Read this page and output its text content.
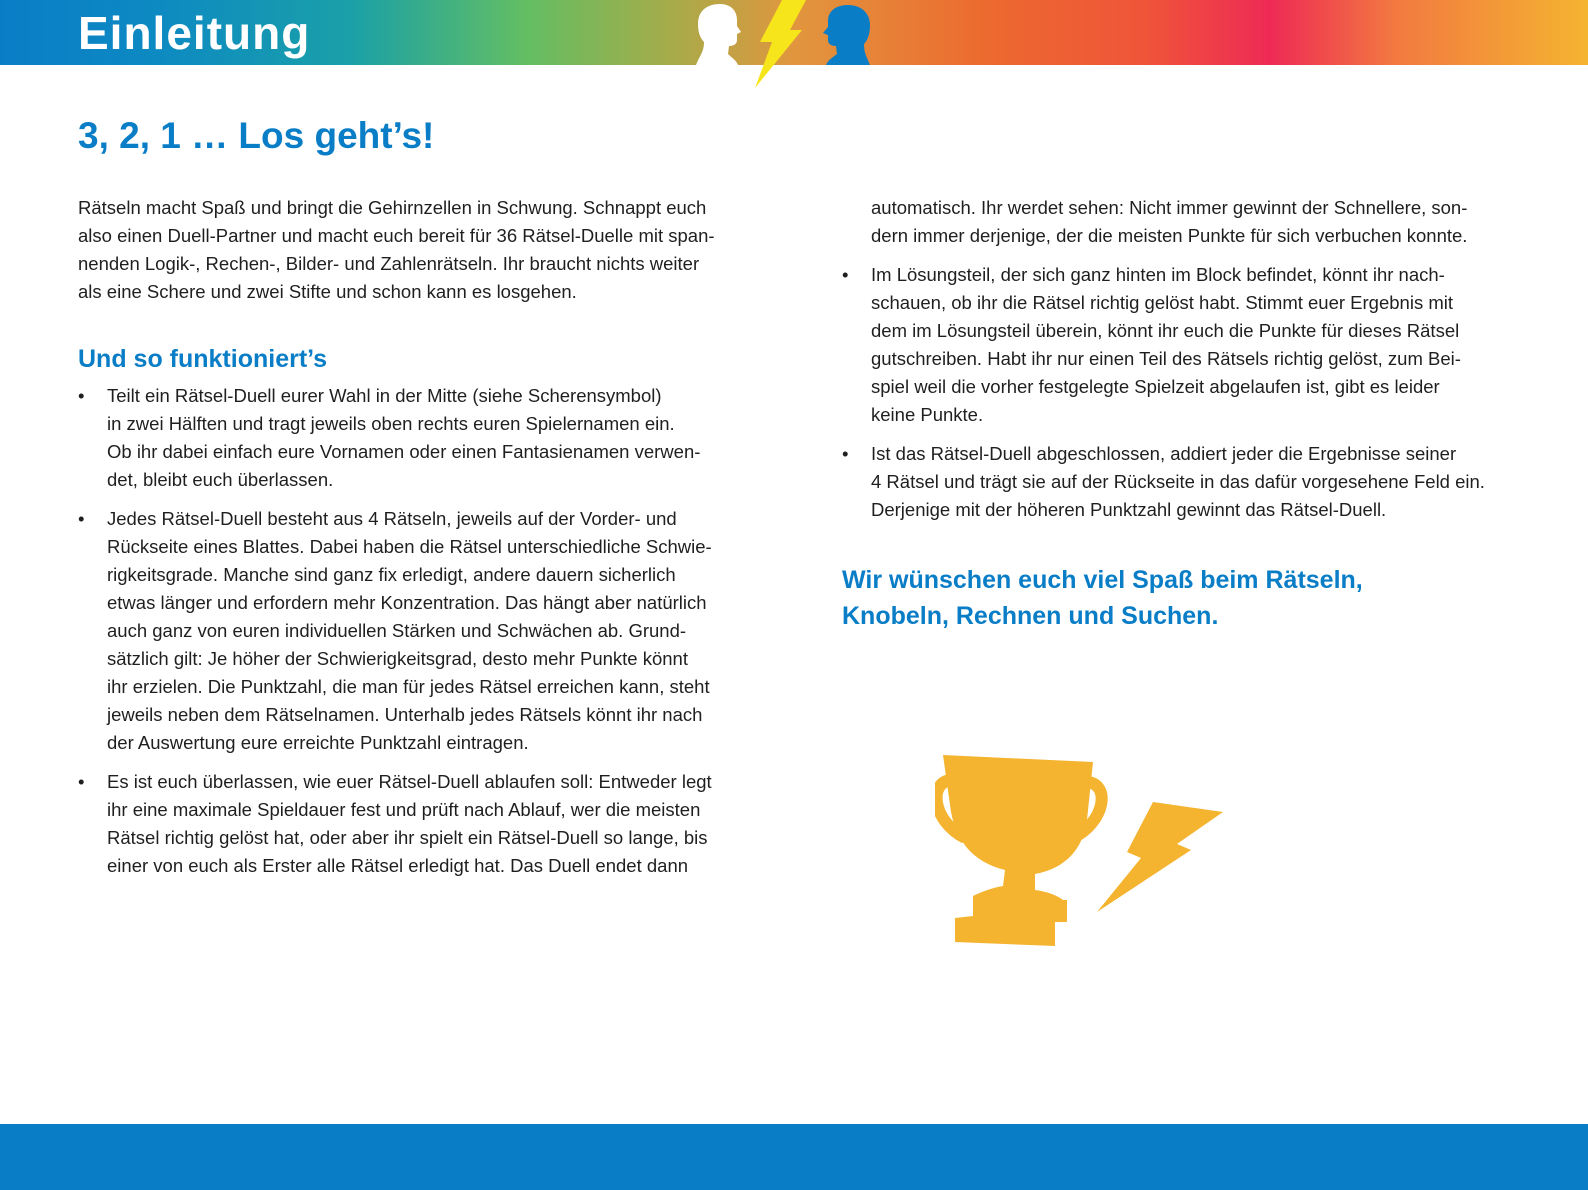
Einleitung
3, 2, 1 … Los geht’s!

Rätseln macht Spaß und bringt die Gehirnzellen in Schwung. Schnappt euch
also einen Duell-Partner und macht euch bereit für 36 Rätsel-Duelle mit span-
nenden Logik-, Rechen-, Bilder- und Zahlenrätseln. Ihr braucht nichts weiter
als eine Schere und zwei Stifte und schon kann es losgehen.

Und so funktioniert’s
• Teilt ein Rätsel-Duell eurer Wahl in der Mitte (siehe Scherensymbol)
in zwei Hälften und tragt jeweils oben rechts euren Spielernamen ein.
Ob ihr dabei einfach eure Vornamen oder einen Fantasienamen verwen-
det, bleibt euch überlassen.
• Jedes Rätsel-Duell besteht aus 4 Rätseln, jeweils auf der Vorder- und
Rückseite eines Blattes. Dabei haben die Rätsel unterschiedliche Schwie-
rigkeitsgrade. Manche sind ganz fix erledigt, andere dauern sicherlich
etwas länger und erfordern mehr Konzentration. Das hängt aber natürlich
auch ganz von euren individuellen Stärken und Schwächen ab. Grund-
sätzlich gilt: Je höher der Schwierigkeitsgrad, desto mehr Punkte könnt
ihr erzielen. Die Punktzahl, die man für jedes Rätsel erreichen kann, steht
jeweils neben dem Rätselnamen. Unterhalb jedes Rätsels könnt ihr nach
der Auswertung eure erreichte Punktzahl eintragen.
• Es ist euch überlassen, wie euer Rätsel-Duell ablaufen soll: Entweder legt
ihr eine maximale Spieldauer fest und prüft nach Ablauf, wer die meisten
Rätsel richtig gelöst hat, oder aber ihr spielt ein Rätsel-Duell so lange, bis
einer von euch als Erster alle Rätsel erledigt hat. Das Duell endet dann

automatisch. Ihr werdet sehen: Nicht immer gewinnt der Schnellere, son-
dern immer derjenige, der die meisten Punkte für sich verbuchen konnte.

• Im Lösungsteil, der sich ganz hinten im Block befindet, könnt ihr nach-
schauen, ob ihr die Rätsel richtig gelöst habt. Stimmt euer Ergebnis mit
dem im Lösungsteil überein, könnt ihr euch die Punkte für dieses Rätsel
gutschreiben. Habt ihr nur einen Teil des Rätsels richtig gelöst, zum Bei-
spiel weil die vorher festgelegte Spielzeit abgelaufen ist, gibt es leider
keine Punkte.
• Ist das Rätsel-Duell abgeschlossen, addiert jeder die Ergebnisse seiner
4 Rätsel und trägt sie auf der Rückseite in das dafür vorgesehene Feld ein.
Derjenige mit der höheren Punktzahl gewinnt das Rätsel-Duell.

Wir wünschen euch viel Spaß beim Rätseln,
Knobeln, Rechnen und Suchen.
